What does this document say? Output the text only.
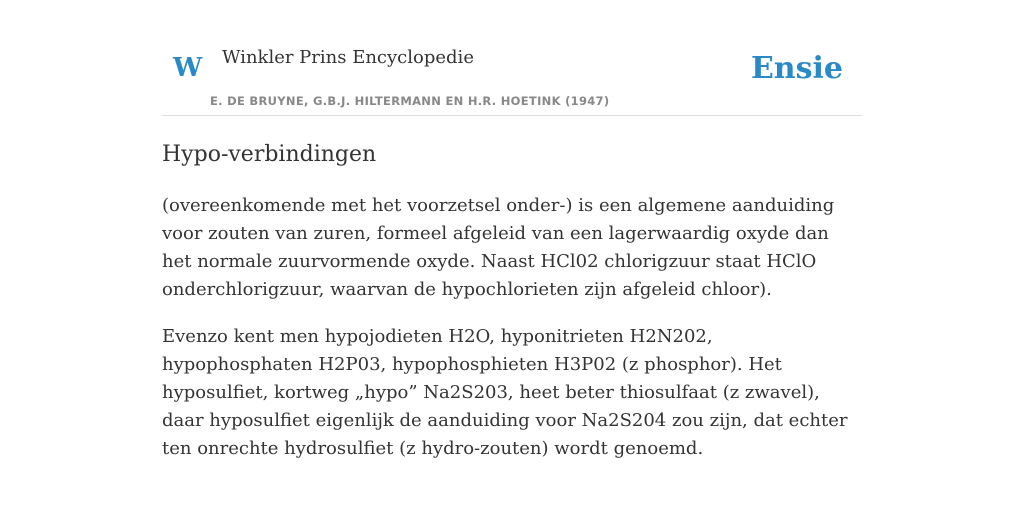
W Winkler Prins Encyclopedie
E. DE BRUYNE, G.B.J. HILTERMANN EN H.R. HOETINK (1947)
Ensie
Hypo-verbindingen

(overeenkomende met het voorzetsel onder-) is een algemene aanduiding voor zouten van zuren, formeel afgeleid van een lagerwaardig oxyde dan het normale zuurvormende oxyde. Naast HCl02 chlorigzuur staat HClO onderchlorigzuur, waarvan de hypochlorieten zijn afgeleid chloor).

Evenzo kent men hypojodieten H2O, hyponitrieten H2N202, hypophosphaten H2P03, hypophosphieten H3P02 (z phosphor). Het hyposulfiet, kortweg „hypo” Na2S203, heet beter thiosulfaat (z zwavel), daar hyposulfiet eigenlijk de aanduiding voor Na2S204 zou zijn, dat echter ten onrechte hydrosulfiet (z hydro-zouten) wordt genoemd.
